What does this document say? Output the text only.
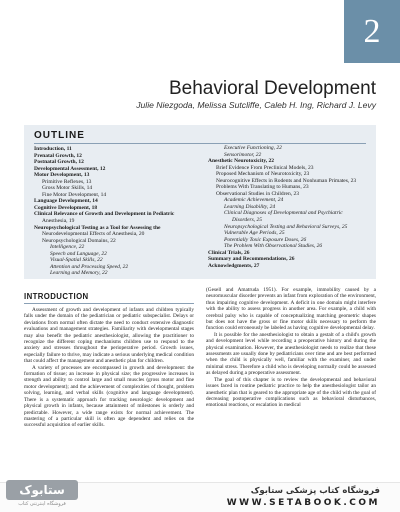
2
Behavioral Development
Julie Niezgoda, Melissa Sutcliffe, Caleb H. Ing, Richard J. Levy
OUTLINE
Introduction, 11
Prenatal Growth, 12
Postnatal Growth, 12
Developmental Assessment, 12
Motor Development, 13
Primitive Reflexes, 13
Gross Motor Skills, 14
Fine Motor Development, 14
Language Development, 14
Cognitive Development, 18
Clinical Relevance of Growth and Development in Pediatric
Anesthesia, 19
Neuropsychological Testing as a Tool for Assessing the
Neurodevelopmental Effects of Anesthesia, 20
Neuropsychological Domains, 22
Intelligence, 22
Speech and Language, 22
Visual-Spatial Skills, 22
Attention and Processing Speed, 22
Learning and Memory, 22
Executive Functioning, 22
Sensorimotor, 22
Anesthetic Neurotoxicity, 22
Brief Evidence From Preclinical Models, 23
Proposed Mechanism of Neurotoxicity, 23
Neurocognitive Effects in Rodents and Nonhuman Primates, 23
Problems With Translating to Humans, 23
Observational Studies in Children, 23
Academic Achievement, 24
Learning Disability, 24
Clinical Diagnoses of Developmental and Psychiatric
Disorders, 25
Neuropsychological Testing and Behavioral Surveys, 25
Vulnerable Age Periods, 25
Potentially Toxic Exposure Doses, 26
The Problem With Observational Studies, 26
Clinical Trials, 26
Summary and Recommendations, 26
Acknowledgments, 27
INTRODUCTION

Assessment of growth and development of infants and children typically falls under the domain of the pediatrician or pediatric subspecialist. Delays or deviations from normal often dictate the need to conduct extensive diagnostic evaluations and management strategies. Familiarity with developmental stages may also benefit the pediatric anesthesiologist, allowing the practitioner to recognize the different coping mechanisms children use to respond to the anxiety and stresses throughout the perioperative period. Growth issues, especially failure to thrive, may indicate a serious underlying medical condition that could affect the management and anesthetic plan for children.

A variety of processes are encompassed in growth and development: the formation of tissue; an increase in physical size; the progressive increases in strength and ability to control large and small muscles (gross motor and fine motor development); and the achievement of complexities of thought, problem solving, learning, and verbal skills (cognitive and language development). There is a systematic approach for tracking neurologic development and physical growth in infants, because attainment of milestones is orderly and predictable. However, a wide range exists for normal achievement. The mastering of a particular skill is often age dependent and relies on the successful acquisition of earlier skills.

(Gesell and Amatruda 1951). For example, immobility caused by a neuromuscular disorder prevents an infant from exploration of the environment, thus impairing cognitive development. A deficit in one domain might interfere with the ability to assess progress in another area. For example, a child with cerebral palsy who is capable of conceptualizing matching geometric shapes but does not have the gross or fine motor skills necessary to perform the function could erroneously be labeled as having cognitive developmental delay.

It is possible for the anesthesiologist to obtain a gestalt of a child's growth and development level while recording a preoperative history and during the physical examination. However, the anesthesiologist needs to realize that these assessments are usually done by pediatricians over time and are best performed when the child is physically well, familiar with the examiner, and under minimal stress. Therefore a child who is developing normally could be assessed as delayed during a preoperative assessment.

The goal of this chapter is to review the developmental and behavioral issues faced in routine pediatric practice to help the anesthesiologist tailor an anesthetic plan that is geared to the appropriate age of the child with the goal of decreasing postoperative complications such as behavioral disturbances, emotional reactions, or escalation in medical

ستابوک
فروشگاه اینترنتی کتاب
فروشگاه کتاب پزشکی ستابوک
WWW.SETABOOK.COM
